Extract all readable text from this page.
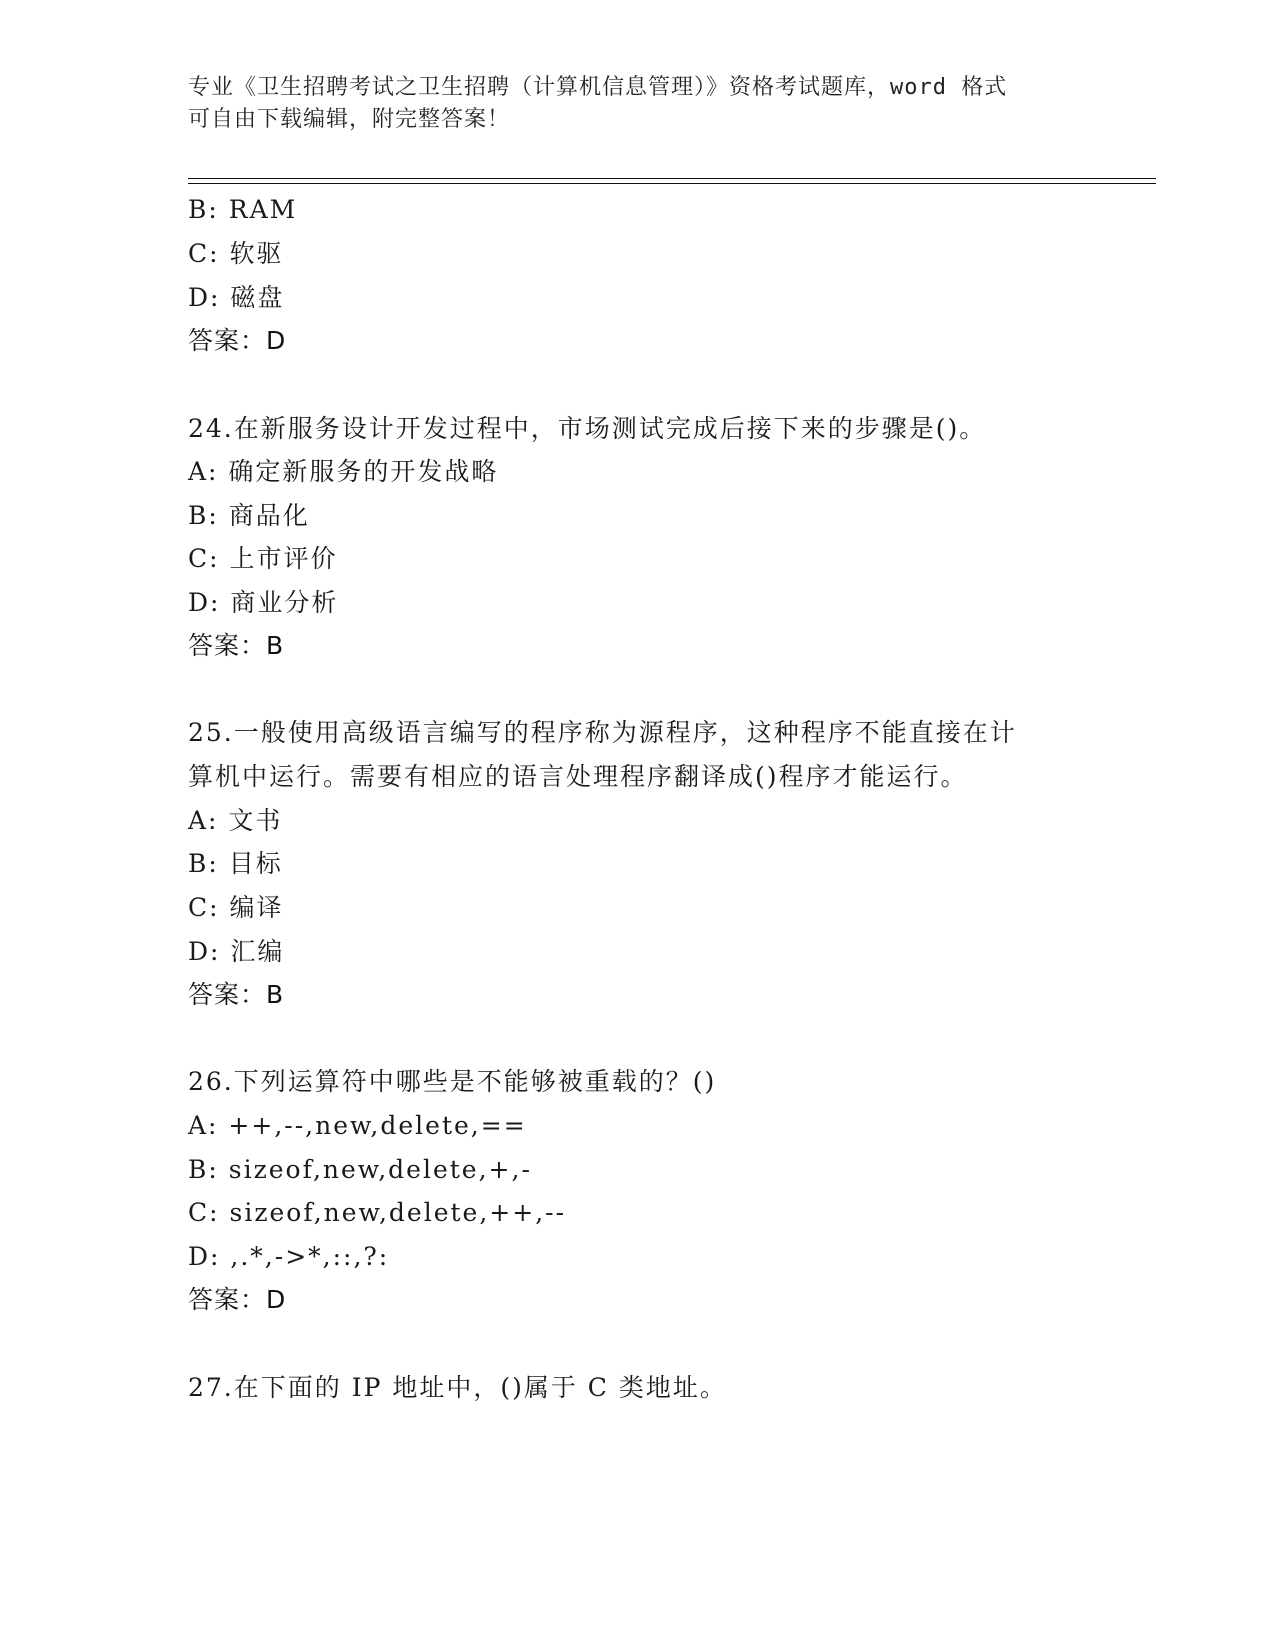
专业《卫生招聘考试之卫生招聘（计算机信息管理）》资格考试题库，word 格式
可自由下载编辑，附完整答案！
B: RAM
C: 软驱
D: 磁盘
答案：D
24.在新服务设计开发过程中，市场测试完成后接下来的步骤是()。
A: 确定新服务的开发战略
B: 商品化
C: 上市评价
D: 商业分析
答案：B
25.一般使用高级语言编写的程序称为源程序，这种程序不能直接在计
算机中运行。需要有相应的语言处理程序翻译成()程序才能运行。
A: 文书
B: 目标
C: 编译
D: 汇编
答案：B
26.下列运算符中哪些是不能够被重载的？()
A: ++,--,new,delete,==
B: sizeof,new,delete,+,-
C: sizeof,new,delete,++,--
D: ,.*,->*,::,?:
答案：D
27.在下面的 IP 地址中，()属于 C 类地址。
